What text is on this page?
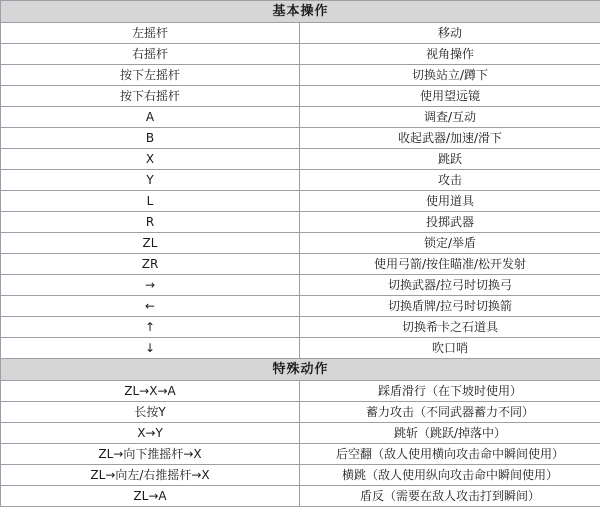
基本操作	
左摇杆	移动
右摇杆	视角操作
按下左摇杆	切换站立/蹲下
按下右摇杆	使用望远镜
A	调查/互动
B	收起武器/加速/滑下
X	跳跃
Y	攻击
L	使用道具
R	投掷武器
ZL	锁定/举盾
ZR	使用弓箭/按住瞄准/松开发射
→	切换武器/拉弓时切换弓
←	切换盾牌/拉弓时切换箭
↑	切换希卡之石道具
↓	吹口哨
特殊动作	
ZL→X→A	踩盾滑行（在下坡时使用）
长按Y	蓄力攻击（不同武器蓄力不同）
X→Y	跳斩（跳跃/掉落中）
ZL→向下推摇杆→X	后空翻（敌人使用横向攻击命中瞬间使用）
ZL→向左/右推摇杆→X	横跳（敌人使用纵向攻击命中瞬间使用）
ZL→A	盾反（需要在敌人攻击打到瞬间）
